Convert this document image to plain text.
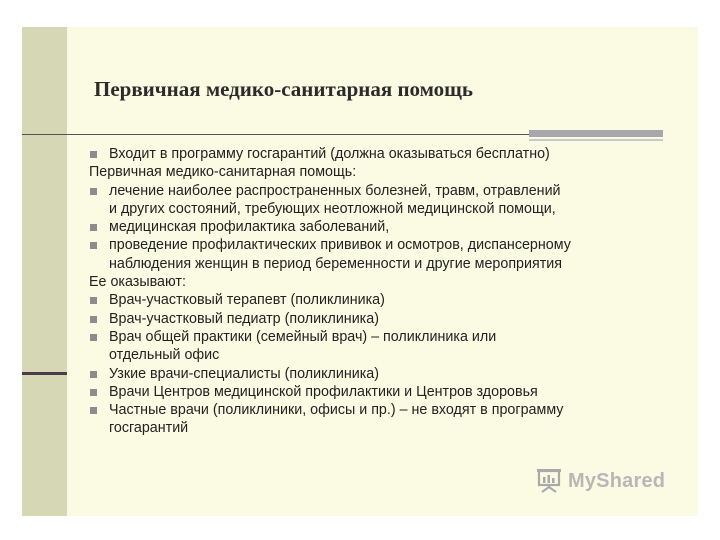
Первичная медико-санитарная помощь
Входит в программу госгарантий (должна оказываться бесплатно)
Первичная медико-санитарная помощь:
лечение наиболее распространенных болезней, травм, отравлений
и других состояний, требующих неотложной медицинской помощи,
медицинская профилактика заболеваний,
проведение профилактических прививок и осмотров, диспансерному
наблюдения женщин в период беременности и другие мероприятия
Ее оказывают:
Врач-участковый терапевт (поликлиника)
Врач-участковый педиатр (поликлиника)
Врач общей практики (семейный врач) – поликлиника или
отдельный офис
Узкие врачи-специалисты (поликлиника)
Врачи Центров медицинской профилактики и Центров здоровья
Частные врачи (поликлиники, офисы и пр.) – не входят в программу
госгарантий
MyShared
